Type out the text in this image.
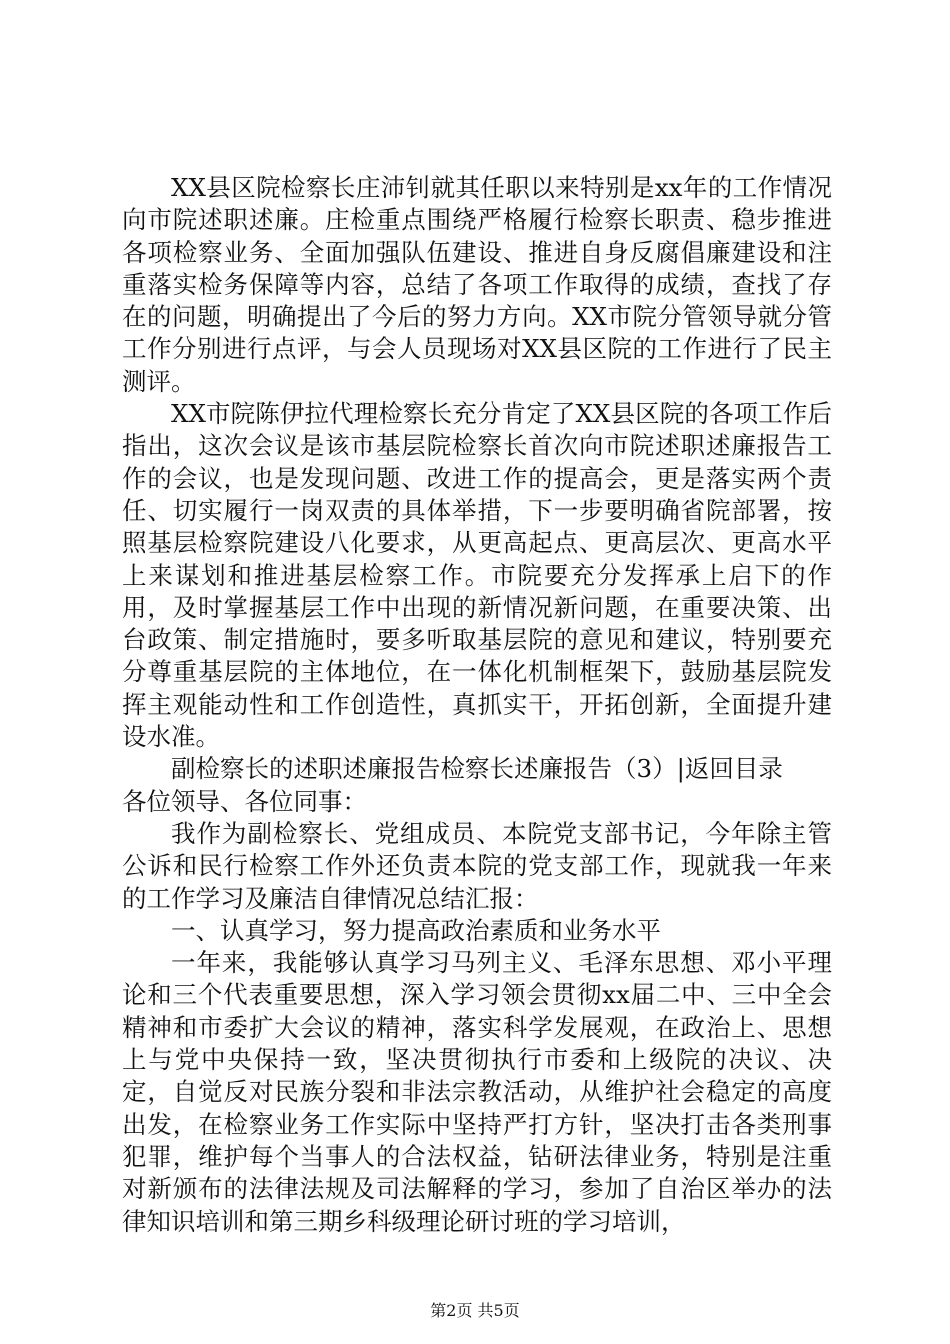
XX县区院检察长庄沛钊就其任职以来特别是xx年的工作情况向市院述职述廉。庄检重点围绕严格履行检察长职责、稳步推进各项检察业务、全面加强队伍建设、推进自身反腐倡廉建设和注重落实检务保障等内容，总结了各项工作取得的成绩，查找了存在的问题，明确提出了今后的努力方向。XX市院分管领导就分管工作分别进行点评，与会人员现场对XX县区院的工作进行了民主测评。

XX市院陈伊拉代理检察长充分肯定了XX县区院的各项工作后指出，这次会议是该市基层院检察长首次向市院述职述廉报告工作的会议，也是发现问题、改进工作的提高会，更是落实两个责任、切实履行一岗双责的具体举措，下一步要明确省院部署，按照基层检察院建设八化要求，从更高起点、更高层次、更高水平上来谋划和推进基层检察工作。市院要充分发挥承上启下的作用，及时掌握基层工作中出现的新情况新问题，在重要决策、出台政策、制定措施时，要多听取基层院的意见和建议，特别要充分尊重基层院的主体地位，在一体化机制框架下，鼓励基层院发挥主观能动性和工作创造性，真抓实干，开拓创新，全面提升建设水准。

副检察长的述职述廉报告检察长述廉报告（3）|返回目录

各位领导、各位同事：

我作为副检察长、党组成员、本院党支部书记，今年除主管公诉和民行检察工作外还负责本院的党支部工作，现就我一年来的工作学习及廉洁自律情况总结汇报：

一、认真学习，努力提高政治素质和业务水平

一年来，我能够认真学习马列主义、毛泽东思想、邓小平理论和三个代表重要思想，深入学习领会贯彻xx届二中、三中全会精神和市委扩大会议的精神，落实科学发展观，在政治上、思想上与党中央保持一致，坚决贯彻执行市委和上级院的决议、决定，自觉反对民族分裂和非法宗教活动，从维护社会稳定的高度出发，在检察业务工作实际中坚持严打方针，坚决打击各类刑事犯罪，维护每个当事人的合法权益，钻研法律业务，特别是注重对新颁布的法律法规及司法解释的学习，参加了自治区举办的法律知识培训和第三期乡科级理论研讨班的学习培训，

第2页 共5页
